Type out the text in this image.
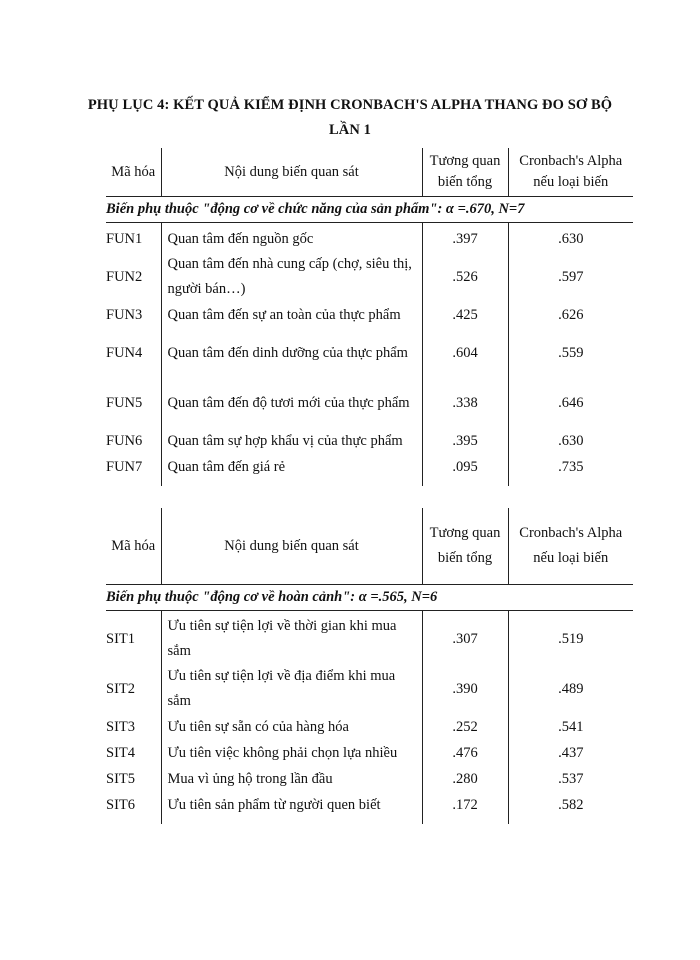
PHỤ LỤC 4: KẾT QUẢ KIỂM ĐỊNH CRONBACH'S ALPHA THANG ĐO SƠ BỘ
LẦN 1
Mã hóa	Nội dung biến quan sát	Tương quan biến tổng	Cronbach's Alpha nếu loại biến
Biến phụ thuộc "động cơ về chức năng của sản phẩm": α =.670, N=7			
FUN1	Quan tâm đến nguồn gốc	.397	.630
FUN2	Quan tâm đến nhà cung cấp (chợ, siêu thị, người bán…)	.526	.597
FUN3	Quan tâm đến sự an toàn của thực phẩm	.425	.626
FUN4	Quan tâm đến dinh dưỡng của thực phẩm	.604	.559
FUN5	Quan tâm đến độ tươi mới của thực phẩm	.338	.646
FUN6	Quan tâm sự hợp khẩu vị của thực phẩm	.395	.630
FUN7	Quan tâm đến giá rẻ	.095	.735
Mã hóa	Nội dung biến quan sát	Tương quan biến tổng	Cronbach's Alpha nếu loại biến
Biến phụ thuộc "động cơ về hoàn cảnh": α =.565, N=6			
SIT1	Ưu tiên sự tiện lợi về thời gian khi mua sắm	.307	.519
SIT2	Ưu tiên sự tiện lợi về địa điểm khi mua sắm	.390	.489
SIT3	Ưu tiên sự sẵn có của hàng hóa	.252	.541
SIT4	Ưu tiên việc không phải chọn lựa nhiều	.476	.437
SIT5	Mua vì ủng hộ trong lần đầu	.280	.537
SIT6	Ưu tiên sản phẩm từ người quen biết	.172	.582
